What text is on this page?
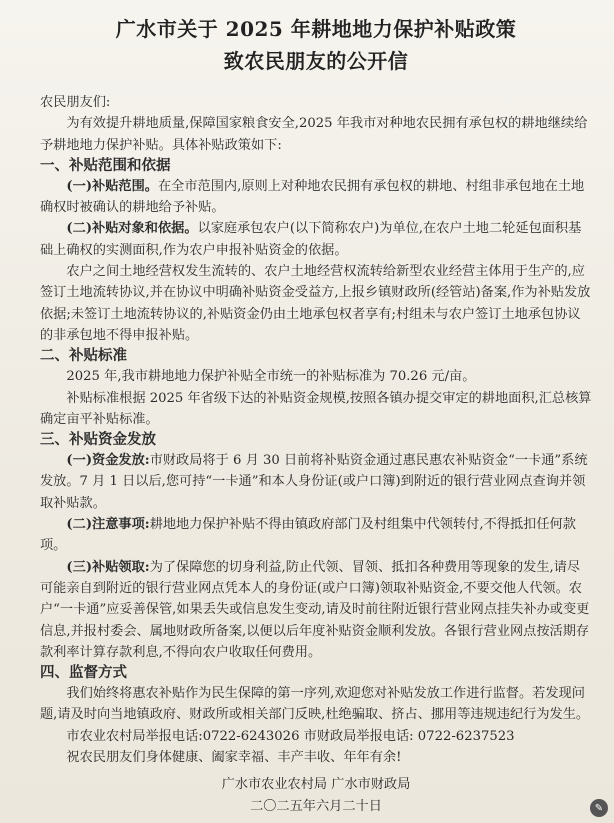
广水市关于 2025 年耕地地力保护补贴政策
致农民朋友的公开信

农民朋友们:

为有效提升耕地质量,保障国家粮食安全,2025 年我市对种地农民拥有承包权的耕地继续给予耕地地力保护补贴。具体补贴政策如下:

一、补贴范围和依据

(一)补贴范围。在全市范围内,原则上对种地农民拥有承包权的耕地、村组非承包地在土地确权时被确认的耕地给予补贴。

(二)补贴对象和依据。以家庭承包农户(以下简称农户)为单位,在农户土地二轮延包面积基础上确权的实测面积,作为农户申报补贴资金的依据。

农户之间土地经营权发生流转的、农户土地经营权流转给新型农业经营主体用于生产的,应签订土地流转协议,并在协议中明确补贴资金受益方,上报乡镇财政所(经管站)备案,作为补贴发放依据;未签订土地流转协议的,补贴资金仍由土地承包权者享有;村组未与农户签订土地承包协议的非承包地不得申报补贴。

二、补贴标准

2025 年,我市耕地地力保护补贴全市统一的补贴标准为 70.26 元/亩。

补贴标准根据 2025 年省级下达的补贴资金规模,按照各镇办提交审定的耕地面积,汇总核算确定亩平补贴标准。

三、补贴资金发放

(一)资金发放:市财政局将于 6 月 30 日前将补贴资金通过惠民惠农补贴资金“一卡通”系统发放。7 月 1 日以后,您可持“一卡通”和本人身份证(或户口簿)到附近的银行营业网点查询并领取补贴款。

(二)注意事项:耕地地力保护补贴不得由镇政府部门及村组集中代领转付,不得抵扣任何款项。

(三)补贴领取:为了保障您的切身利益,防止代领、冒领、抵扣各种费用等现象的发生,请尽可能亲自到附近的银行营业网点凭本人的身份证(或户口簿)领取补贴资金,不要交他人代领。农户“一卡通”应妥善保管,如果丢失或信息发生变动,请及时前往附近银行营业网点挂失补办或变更信息,并报村委会、属地财政所备案,以便以后年度补贴资金顺利发放。各银行营业网点按活期存款利率计算存款利息,不得向农户收取任何费用。

四、监督方式

我们始终将惠农补贴作为民生保障的第一序列,欢迎您对补贴发放工作进行监督。若发现问题,请及时向当地镇政府、财政所或相关部门反映,杜绝骗取、挤占、挪用等违规违纪行为发生。

市农业农村局举报电话:0722-6243026 市财政局举报电话: 0722-6237523

祝农民朋友们身体健康、阖家幸福、丰产丰收、年年有余!

广水市农业农村局 广水市财政局
二〇二五年六月二十日	✎
